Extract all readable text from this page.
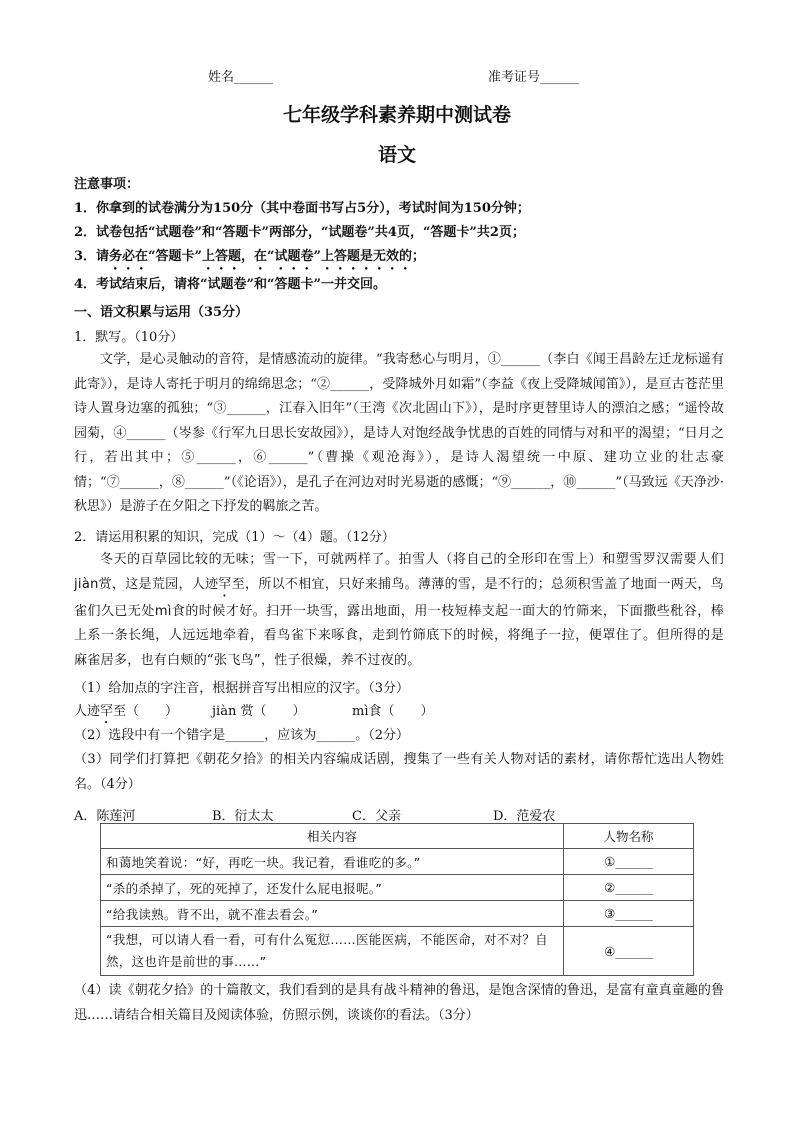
姓名______	准考证号______
七年级学科素养期中测试卷
语文
注意事项：
1．你拿到的试卷满分为150分（其中卷面书写占5分），考试时间为150分钟；
2．试卷包括“试题卷”和“答题卡”两部分，“试题卷”共4页，“答题卡”共2页；
3．请务必在“答题卡”上答题，在“试题卷”上答题是无效的；
4．考试结束后，请将“试题卷”和“答题卡”一并交回。
一、语文积累与运用（35分）
1．默写。（10分）
文学，是心灵触动的音符，是情感流动的旋律。“我寄愁心与明月，①______（李白《闻王昌龄左迁龙标遥有此寄》），是诗人寄托于明月的绵绵思念；“②______，受降城外月如霜”（李益《夜上受降城闻笛》），是亘古苍茫里诗人置身边塞的孤独；“③______，江春入旧年”（王湾《次北固山下》），是时序更替里诗人的漂泊之感；“遥怜故园菊，④______（岑参《行军九日思长安故园》），是诗人对饱经战争忧患的百姓的同情与对和平的渴望；“日月之行，若出其中；⑤______，⑥______”（曹操《观沧海》），是诗人渴望统一中原、建功立业的壮志豪情；“⑦______，⑧______”（《论语》），是孔子在河边对时光易逝的感慨；“⑨______，⑩______”（马致远《天净沙·秋思》）是游子在夕阳之下抒发的羁旅之苦。
2．请运用积累的知识，完成（1）～（4）题。（12分）
冬天的百草园比较的无味；雪一下，可就两样了。拍雪人（将自己的全形印在雪上）和塑雪罗汉需要人们jiàn赏，这是荒园，人迹罕至，所以不相宜，只好来捕鸟。薄薄的雪，是不行的；总须积雪盖了地面一两天，鸟雀们久已无处mì食的时候才好。扫开一块雪，露出地面，用一枝短棒支起一面大的竹筛来，下面撒些秕谷，棒上系一条长绳，人远远地牵着，看鸟雀下来啄食，走到竹筛底下的时候，将绳子一拉，便罩住了。但所得的是麻雀居多，也有白颊的“张飞鸟”，性子很燥，养不过夜的。
（1）给加点的字注音，根据拼音写出相应的汉字。（3分）
人迹罕至（　　）	jiàn 赏（　　）	mì食（　　）
（2）选段中有一个错字是______，应该为______。（2分）
（3）同学们打算把《朝花夕拾》的相关内容编成话剧，搜集了一些有关人物对话的素材，请你帮忙选出人物姓名。（4分）
A．陈莲河	B．衍太太	C．父亲	D．范爱农
相关内容	人物名称
和蔼地笑着说：“好，再吃一块。我记着，看谁吃的多。”	①______
“杀的杀掉了，死的死掉了，还发什么屁电报呢。”	②______
“给我读熟。背不出，就不准去看会。”	③______
“我想，可以请人看一看，可有什么冤愆……医能医病，不能医命，对不对？自然，这也许是前世的事……”	④______
（4）读《朝花夕拾》的十篇散文，我们看到的是具有战斗精神的鲁迅，是饱含深情的鲁迅，是富有童真童趣的鲁迅……请结合相关篇目及阅读体验，仿照示例，谈谈你的看法。（3分）
